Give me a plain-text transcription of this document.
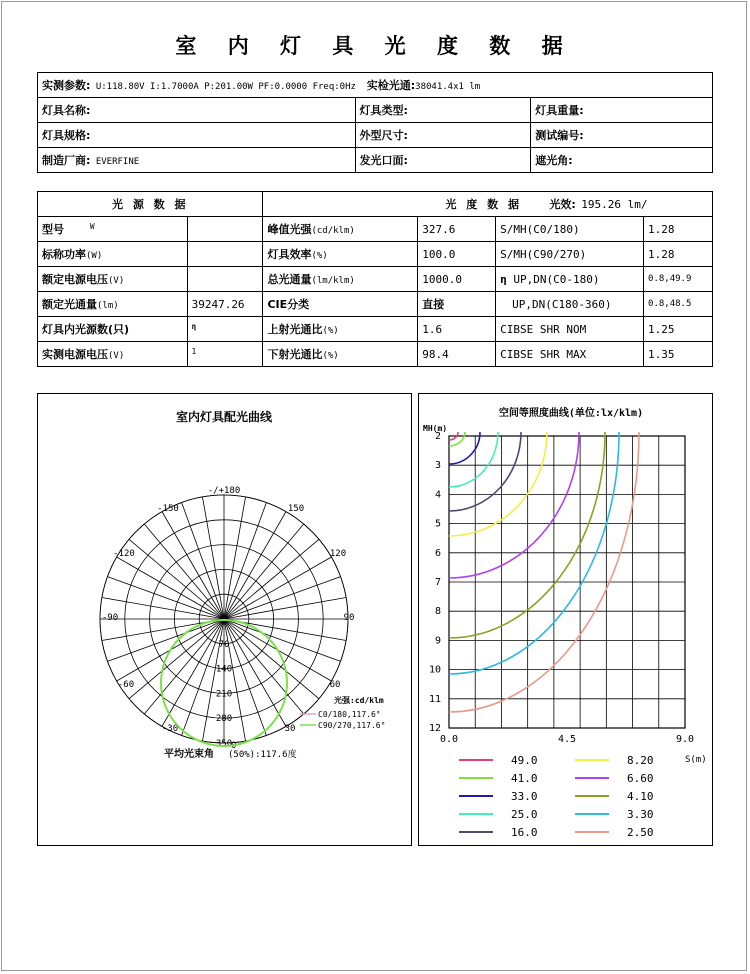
室 内 灯 具 光 度 数 据
实测参数: U:118.80V I:1.7000A P:201.00W PF:0.0000 Freq:0Hz 实检光通:38041.4x1 lm		
灯具名称:	灯具类型:	灯具重量:
灯具规格:	外型尺寸:	测试编号:
制造厂商: EVERFINE	发光口面:	遮光角:
光 源 数 据		光 度 数 据 光效: 195.26 lm/			
型号 $^W$		峰值光强(cd/klm)	327.6	S/MH(C0/180)	1.28
标称功率(W)		灯具效率(%)	100.0	S/MH(C90/270)	1.28
额定电源电压(V)		总光通量(lm/klm)	1000.0	η UP,DN(C0-180)	0.8,49.9
额定光通量(lm)	39247.26	CIE分类	直接	UP,DN(C180-360)	0.8,48.5
灯具内光源数(只)	$^\eta$	上射光通比(%)	1.6	CIBSE SHR NOM	1.25
实测电源电压(V)	$^1$	下射光通比(%)	98.4	CIBSE SHR MAX	1.35
室内灯具配光曲线
-/+180
-150	150
-120	120
-90	90
-60	60
-30	30
0
0
70
140
210
280
350
光强:cd/klm
C0/180,117.6°
C90/270,117.6°
平均光束角 (50%):117.6度
空间等照度曲线(单位:lx/klm)
MH(m)
2
3
4
5
6
7
8
9
10
11
12
0.0	4.5	9.0
S(m)
49.0
41.0
33.0
25.0
16.0
8.20
6.60
4.10
3.30
2.50
